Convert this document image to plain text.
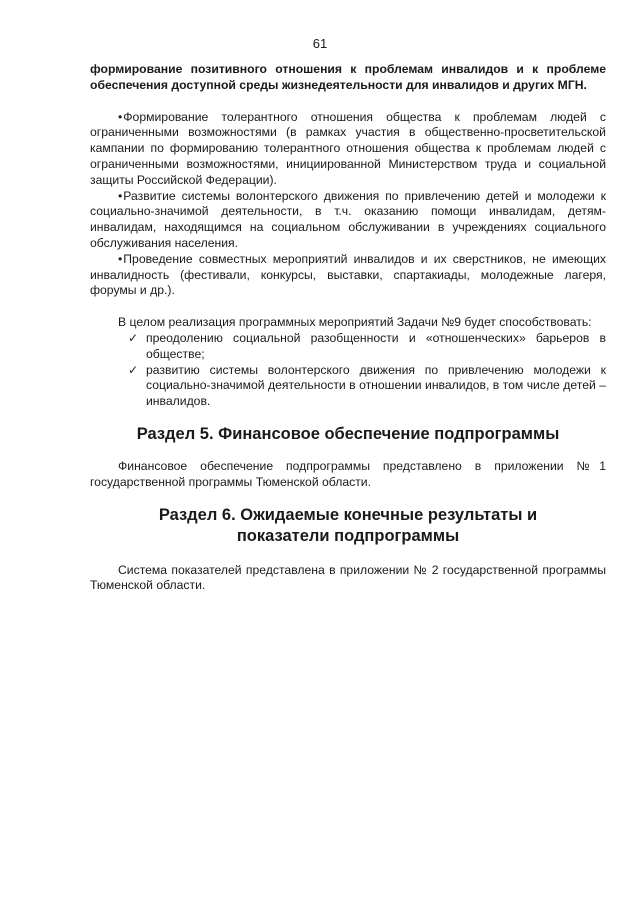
61

формирование позитивного отношения к проблемам инвалидов и к проблеме обеспечения доступной среды жизнедеятельности для инвалидов и других МГН.

• Формирование толерантного отношения общества к проблемам людей с ограниченными возможностями (в рамках участия в общественно-просветительской кампании по формированию толерантного отношения общества к проблемам людей с ограниченными возможностями, инициированной Министерством труда и социальной защиты Российской Федерации).

• Развитие системы волонтерского движения по привлечению детей и молодежи к социально-значимой деятельности, в т.ч. оказанию помощи инвалидам, детям-инвалидам, находящимся на социальном обслуживании в учреждениях социального обслуживания населения.

• Проведение совместных мероприятий инвалидов и их сверстников, не имеющих инвалидность (фестивали, конкурсы, выставки, спартакиады, молодежные лагеря, форумы и др.).

В целом реализация программных мероприятий Задачи №9 будет способствовать:

✓ преодолению социальной разобщенности и «отношенческих» барьеров в обществе;
✓ развитию системы волонтерского движения по привлечению молодежи к социально-значимой деятельности в отношении инвалидов, в том числе детей – инвалидов.
Раздел 5. Финансовое обеспечение подпрограммы

Финансовое обеспечение подпрограммы представлено в приложении №1 государственной программы Тюменской области.

Раздел 6. Ожидаемые конечные результаты и
показатели подпрограммы

Система показателей представлена в приложении № 2 государственной программы Тюменской области.
